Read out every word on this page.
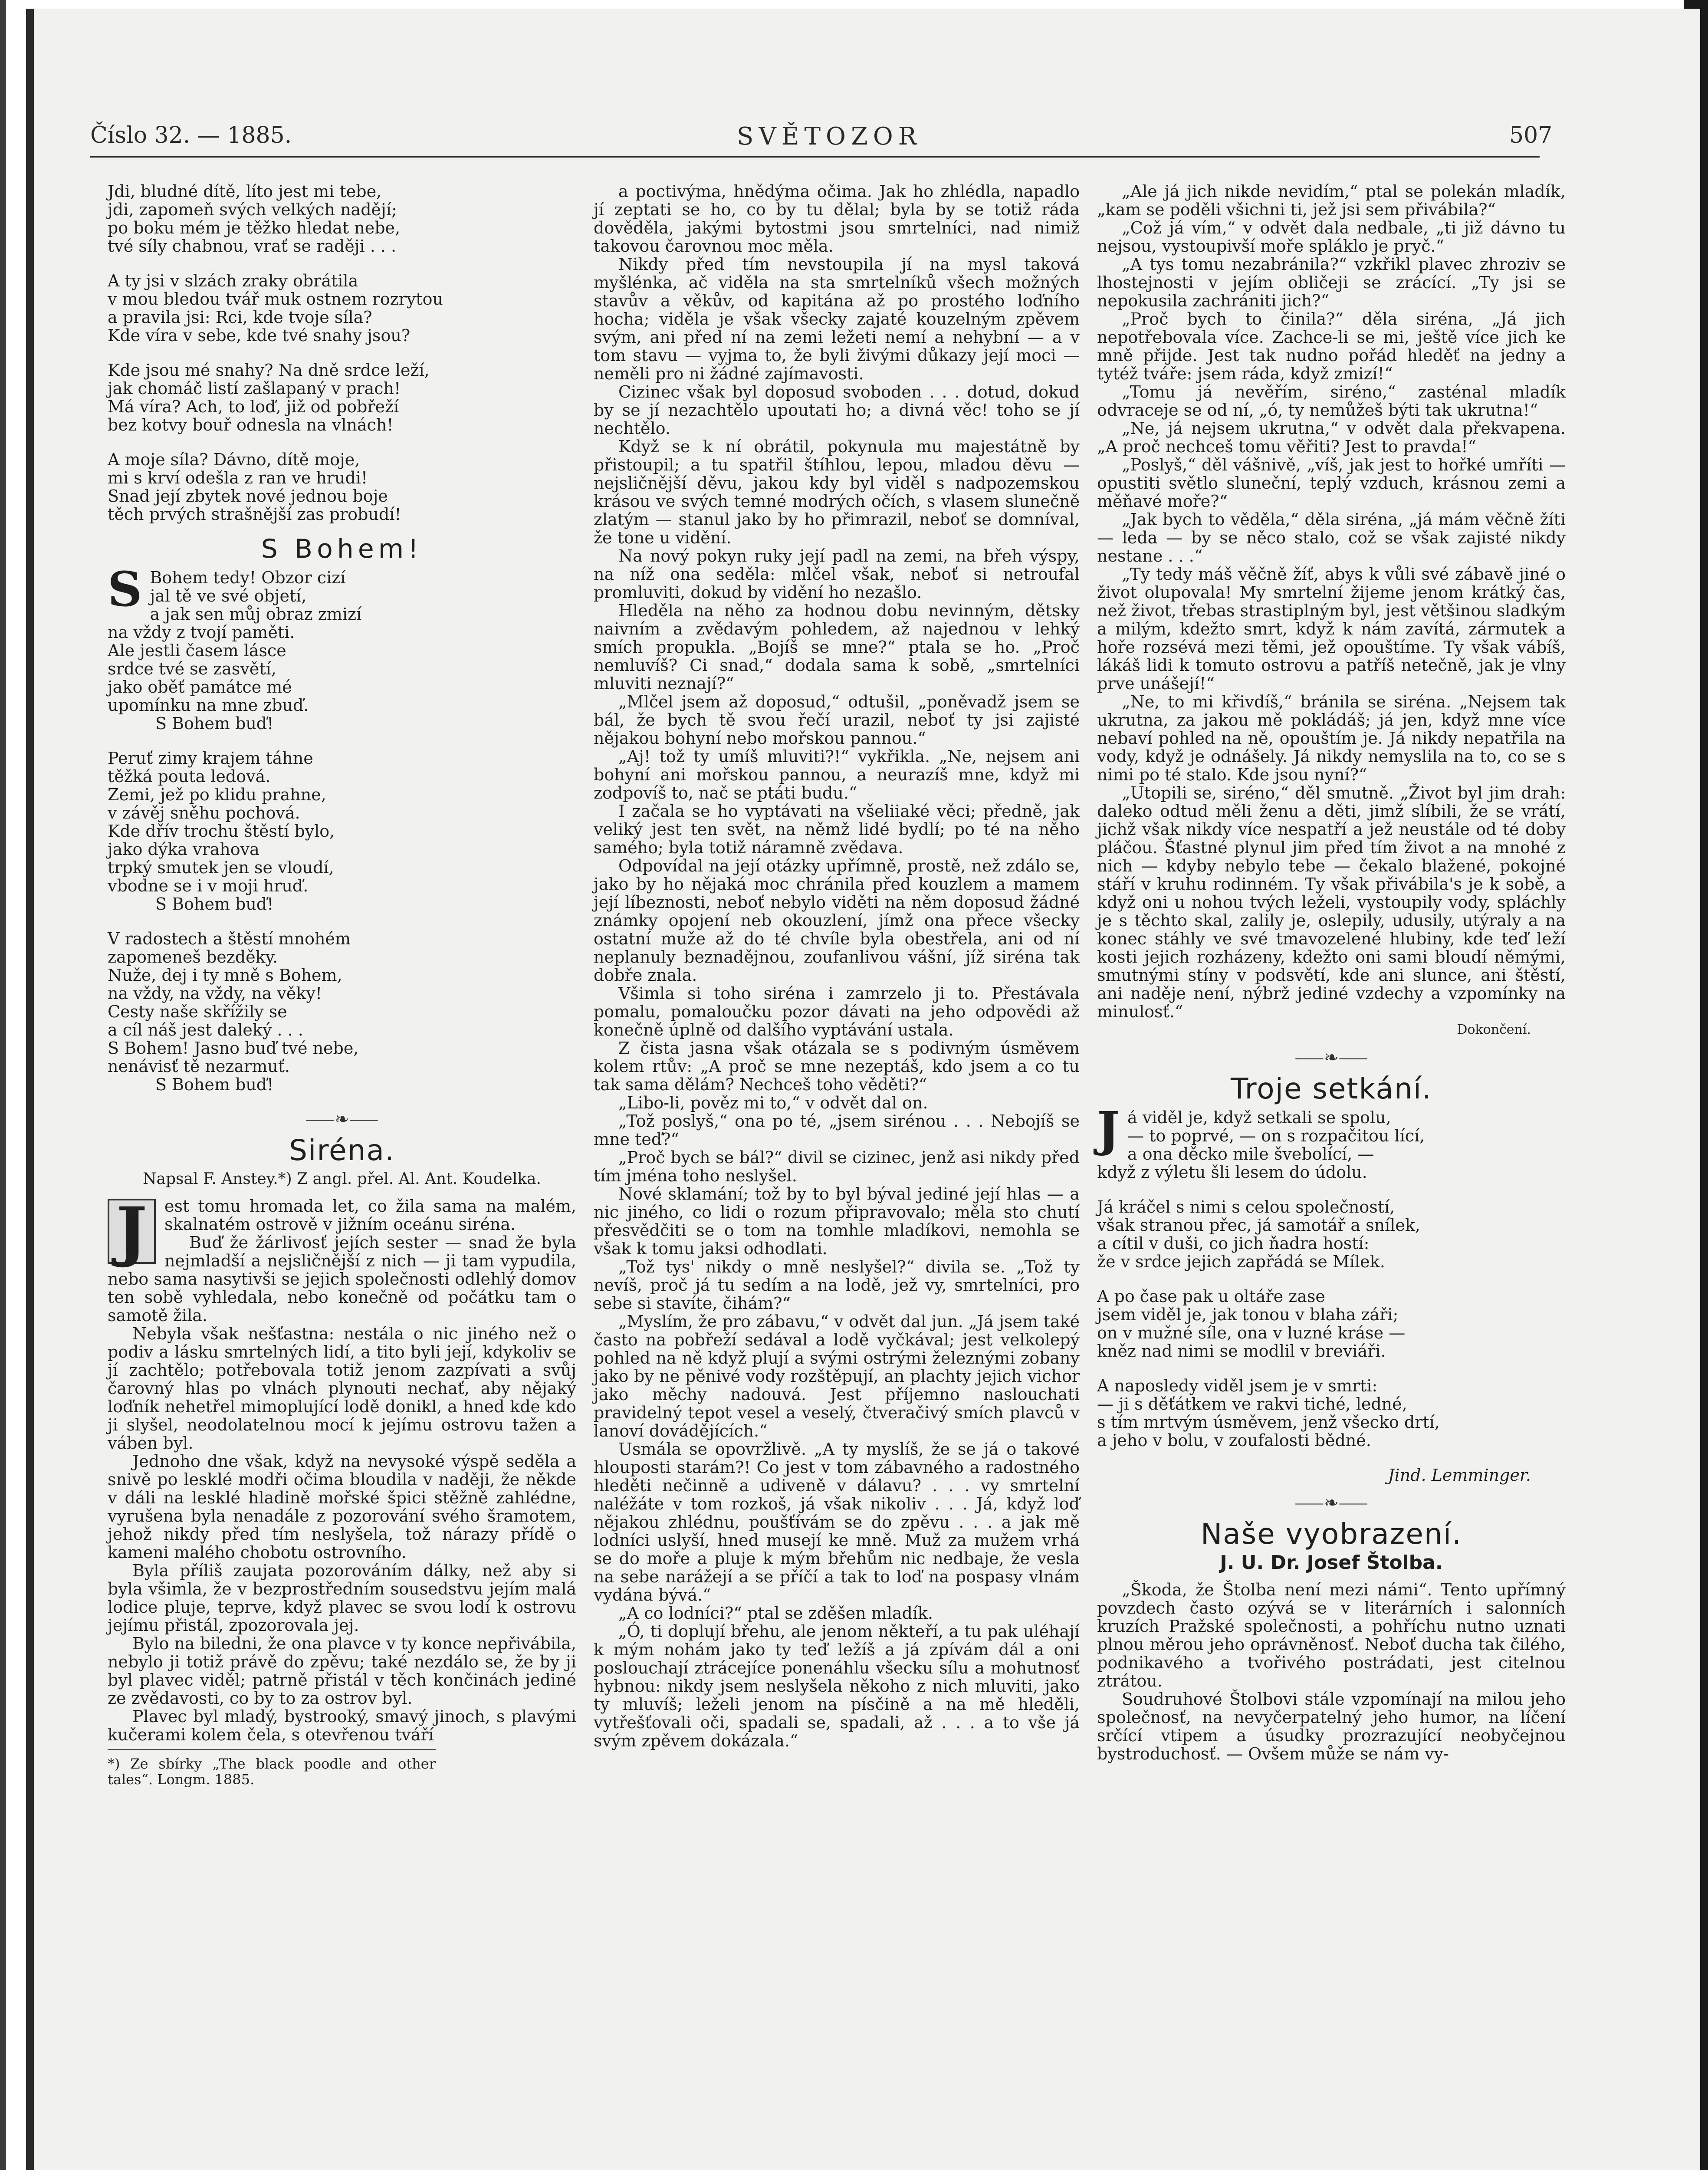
Číslo 32. — 1885.	SVĚTOZOR	507
Jdi, bludné dítě, líto jest mi tebe,
jdi, zapomeň svých velkých nadějí;
po boku mém je těžko hledat nebe,
tvé síly chabnou, vrať se raději . . .
A ty jsi v slzách zraky obrátila
v mou bledou tvář muk ostnem rozrytou
a pravila jsi: Rci, kde tvoje síla?
Kde víra v sebe, kde tvé snahy jsou?
Kde jsou mé snahy? Na dně srdce leží,
jak chomáč listí zašlapaný v prach!
Má víra? Ach, to loď, již od pobřeží
bez kotvy bouř odnesla na vlnách!
A moje síla? Dávno, dítě moje,
mi s krví odešla z ran ve hrudi!
Snad její zbytek nové jednou boje
těch prvých strašnější zas probudí!
S Bohem!
S Bohem tedy! Obzor cizí
jal tě ve své objetí,
a jak sen můj obraz zmizí
na vždy z tvojí paměti.
Ale jestli časem lásce
srdce tvé se zasvětí,
jako oběť památce mé
upomínku na mne zbuď.
S Bohem buď!
Peruť zimy krajem táhne
těžká pouta ledová.
Zemi, jež po klidu prahne,
v závěj sněhu pochová.
Kde dřív trochu štěstí bylo,
jako dýka vrahova
trpký smutek jen se vloudí,
vbodne se i v moji hruď.
S Bohem buď!
V radostech a štěstí mnohém
zapomeneš bezděky.
Nuže, dej i ty mně s Bohem,
na vždy, na vždy, na věky!
Cesty naše skřížily se
a cíl náš jest daleký . . .
S Bohem! Jasno buď tvé nebe,
nenávisť tě nezarmuť.
S Bohem buď!
⸺❧⸺
Siréna.
Napsal F. Anstey.*) Z angl. přel. Al. Ant. Koudelka.

J	est tomu hromada let, co žila sama na malém, skalnatém ostrově v jižním oceánu siréna.

Buď že žárlivosť jejích sester — snad že byla nejmladší a nejsličnější z nich — ji tam vypudila, nebo sama nasytivši se jejich společnosti odlehlý domov ten sobě vyhledala, nebo konečně od počátku tam o samotě žila.

Nebyla však nešťastna: nestála o nic jiného než o podiv a lásku smrtelných lidí, a tito byli její, kdykoliv se jí zachtělo; potřebovala totiž jenom zazpívati a svůj čarovný hlas po vlnách plynouti nechať, aby nějaký loďník nehetřel mimoplující lodě donikl, a hned kde kdo ji slyšel, neodolatelnou mocí k jejímu ostrovu tažen a váben byl.

Jednoho dne však, když na nevysoké výspě seděla a snivě po lesklé modři očima bloudila v naději, že někde v dáli na lesklé hladině mořské špici stěžně zahlédne, vyrušena byla nenadále z pozorování svého šramotem, jehož nikdy před tím neslyšela, tož nárazy přídě o kameni malého chobotu ostrovního.

Byla příliš zaujata pozorováním dálky, než aby si byla všimla, že v bezprostředním sousedstvu jejím malá lodice pluje, teprve, když plavec se svou lodí k ostrovu jejímu přistál, zpozorovala jej.

Bylo na biledni, že ona plavce v ty konce nepřivábila, nebylo ji totiž právě do zpěvu; také nezdálo se, že by ji byl plavec viděl; patrně přistál v těch končinách jediné ze zvědavosti, co by to za ostrov byl.

Plavec byl mladý, bystrooký, smavý jinoch, s plavými kučerami kolem čela, s otevřenou tváří

*) Ze sbírky „The black poodle and other tales“. Longm. 1885.

a poctivýma, hnědýma očima. Jak ho zhlédla, napadlo jí zeptati se ho, co by tu dělal; byla by se totiž ráda dověděla, jakými bytostmi jsou smrtelníci, nad nimiž takovou čarovnou moc měla.

Nikdy před tím nevstoupila jí na mysl taková myšlénka, ač viděla na sta smrtelníků všech možných stavův a věkův, od kapitána až po prostého loďního hocha; viděla je však všecky zajaté kouzelným zpěvem svým, ani před ní na zemi ležeti nemí a nehybní — a v tom stavu — vyjma to, že byli živými důkazy její moci — neměli pro ni žádné zajímavosti.

Cizinec však byl doposud svoboden . . . dotud, dokud by se jí nezachtělo upoutati ho; a divná věc! toho se jí nechtělo.

Když se k ní obrátil, pokynula mu majestátně by přistoupil; a tu spatřil štíhlou, lepou, mladou děvu — nejsličnější děvu, jakou kdy byl viděl s nadpozemskou krásou ve svých temné modrých očích, s vlasem slunečně zlatým — stanul jako by ho přimrazil, neboť se domníval, že tone u vidění.

Na nový pokyn ruky její padl na zemi, na břeh výspy, na níž ona seděla: mlčel však, neboť si netroufal promluviti, dokud by vidění ho nezašlo.

Hleděla na něho za hodnou dobu nevinným, dětsky naivním a zvědavým pohledem, až najednou v lehký smích propukla. „Bojíš se mne?“ ptala se ho. „Proč nemluvíš? Ci snad,“ dodala sama k sobě, „smrtelníci mluviti neznají?“

„Mlčel jsem až doposud,“ odtušil, „poněvadž jsem se bál, že bych tě svou řečí urazil, neboť ty jsi zajisté nějakou bohyní nebo mořskou pannou.“

„Aj! tož ty umíš mluviti?!“ vykřikla. „Ne, nejsem ani bohyní ani mořskou pannou, a neurazíš mne, když mi zodpovíš to, nač se ptáti budu.“

I začala se ho vyptávati na všeliiaké věci; předně, jak veliký jest ten svět, na němž lidé bydlí; po té na něho samého; byla totiž náramně zvědava.

Odpovídal na její otázky upřímně, prostě, než zdálo se, jako by ho nějaká moc chránila před kouzlem a mamem její líbeznosti, neboť nebylo viděti na něm doposud žádné známky opojení neb okouzlení, jímž ona přece všecky ostatní muže až do té chvíle byla obestřela, ani od ní neplanuly beznadějnou, zoufanlivou vášní, jíž siréna tak dobře znala.

Všimla si toho siréna i zamrzelo ji to. Přestávala pomalu, pomaloučku pozor dávati na jeho odpovědi až konečně úplně od dalšího vyptávání ustala.

Z čista jasna však otázala se s podivným úsměvem kolem rtův: „A proč se mne nezeptáš, kdo jsem a co tu tak sama dělám? Nechceš toho věděti?“

„Libo-li, pověz mi to,“ v odvět dal on.

„Tož poslyš,“ ona po té, „jsem sirénou . . . Nebojíš se mne teď?“

„Proč bych se bál?“ divil se cizinec, jenž asi nikdy před tím jména toho neslyšel.

Nové sklamání; tož by to byl býval jediné její hlas — a nic jiného, co lidi o rozum připravovalo; měla sto chutí přesvědčiti se o tom na tomhle mladíkovi, nemohla se však k tomu jaksi odhodlati.

„Tož tys' nikdy o mně neslyšel?“ divila se. „Tož ty nevíš, proč já tu sedím a na lodě, jež vy, smrtelníci, pro sebe si stavíte, čihám?“

„Myslím, že pro zábavu,“ v odvět dal jun. „Já jsem také často na pobřeží sedával a lodě vyčkával; jest velkolepý pohled na ně když plují a svými ostrými železnými zobany jako by ne pěnivé vody rozštěpují, an plachty jejich vichor jako měchy nadouvá. Jest příjemno naslouchati pravidelný tepot vesel a veselý, čtveračivý smích plavců v lanoví dovádějících.“

Usmála se opovržlivě. „A ty myslíš, že se já o takové hlouposti starám?! Co jest v tom zábavného a radostného hleděti nečinně a udiveně v dálavu? . . . vy smrtelní naléžáte v tom rozkoš, já však nikoliv . . . Já, když loď nějakou zhlédnu, poušťívám se do zpěvu . . . a jak mě lodníci uslyší, hned musejí ke mně. Muž za mužem vrhá se do moře a pluje k mým břehům nic nedbaje, že vesla na sebe narážejí a se příčí a tak to loď na pospasy vlnám vydána bývá.“

„A co lodníci?“ ptal se zděšen mladík.

„Ó, ti doplují břehu, ale jenom někteří, a tu pak uléhají k mým nohám jako ty teď ležíš a já zpívám dál a oni poslouchají ztrácejíce ponenáhlu všecku sílu a mohutnosť hybnou: nikdy jsem neslyšela někoho z nich mluviti, jako ty mluvíš; leželi jenom na písčině a na mě hleděli, vytřešťovali oči, spadali se, spadali, až . . . a to vše já svým zpěvem dokázala.“

„Ale já jich nikde nevidím,“ ptal se polekán mladík, „kam se poděli všichni ti, jež jsi sem přivábila?“

„Což já vím,“ v odvět dala nedbale, „ti již dávno tu nejsou, vystoupivší moře spláklo je pryč.“

„A tys tomu nezabránila?“ vzkřikl plavec zhroziv se lhostejnosti v jejím obličeji se zrácící. „Ty jsi se nepokusila zachrániti jich?“

„Proč bych to činila?“ děla siréna, „Já jich nepotřebovala více. Zachce-li se mi, ještě více jich ke mně přijde. Jest tak nudno pořád hleděť na jedny a tytéž tváře: jsem ráda, když zmizí!“

„Tomu já nevěřím, siréno,“ zasténal mladík odvraceje se od ní, „ó, ty nemůžeš býti tak ukrutna!“

„Ne, já nejsem ukrutna,“ v odvět dala překvapena. „A proč nechceš tomu věřiti? Jest to pravda!“

„Poslyš,“ děl vášnivě, „víš, jak jest to hořké umříti — opustiti světlo sluneční, teplý vzduch, krásnou zemi a měňavé moře?“

„Jak bych to věděla,“ děla siréna, „já mám věčně žíti — leda — by se něco stalo, což se však zajisté nikdy nestane . . .“

„Ty tedy máš věčně žíť, abys k vůli své zábavě jiné o život olupovala! My smrtelní žijeme jenom krátký čas, než život, třebas strastiplným byl, jest většinou sladkým a milým, kdežto smrt, když k nám zavítá, zármutek a hoře rozsévá mezi těmi, jež opouštíme. Ty však vábíš, lákáš lidi k tomuto ostrovu a patříš netečně, jak je vlny prve unášejí!“

„Ne, to mi křivdíš,“ bránila se siréna. „Nejsem tak ukrutna, za jakou mě pokládáš; já jen, když mne více nebaví pohled na ně, opouštím je. Já nikdy nepatřila na vody, když je odnášely. Já nikdy nemyslila na to, co se s nimi po té stalo. Kde jsou nyní?“

„Utopili se, siréno,“ děl smutně. „Život byl jim drah: daleko odtud měli ženu a děti, jimž slíbili, že se vrátí, jichž však nikdy více nespatří a jež neustále od té doby pláčou. Šťastné plynul jim před tím život a na mnohé z nich — kdyby nebylo tebe — čekalo blažené, pokojné stáří v kruhu rodinném. Ty však přivábila's je k sobě, a když oni u nohou tvých leželi, vystoupily vody, spláchly je s těchto skal, zalily je, oslepily, udusily, utýraly a na konec stáhly ve své tmavozelené hlubiny, kde teď leží kosti jejich rozházeny, kdežto oni sami bloudí němými, smutnými stíny v podsvětí, kde ani slunce, ani štěstí, ani naděje není, nýbrž jediné vzdechy a vzpomínky na minulosť.“

Dokončení.
⸺❧⸺
Troje setkání.
Já viděl je, když setkali se spolu,
— to poprvé, — on s rozpačitou lící,
a ona děcko mile švebolící, —
když z výletu šli lesem do údolu.
Já kráčel s nimi s celou společností,
však stranou přec, já samotář a snílek,
a cítil v duši, co jich ňadra hostí:
že v srdce jejich zapřádá se Mílek.
A po čase pak u oltáře zase
jsem viděl je, jak tonou v blaha záři;
on v mužné síle, ona v luzné kráse —
kněz nad nimi se modlil v breviáři.
A naposledy viděl jsem je v smrti:
— ji s děťátkem ve rakvi tiché, ledné,
s tím mrtvým úsměvem, jenž všecko drtí,
a jeho v bolu, v zoufalosti bědné.
Jind. Lemminger.
⸺❧⸺
Naše vyobrazení.
J. U. Dr. Josef Štolba.

„Škoda, že Štolba není mezi námi“. Tento upřímný povzdech často ozývá se v literárních i salonních kruzích Pražské společnosti, a pohříchu nutno uznati plnou měrou jeho oprávněnosť. Neboť ducha tak čilého, podnikavého a tvořivého postrádati, jest citelnou ztrátou.

Soudruhové Štolbovi stále vzpomínají na milou jeho společnosť, na nevyčerpatelný jeho humor, na líčení srčící vtipem a úsudky prozrazující neobyčejnou bystroduchosť. — Ovšem může se nám vy-
